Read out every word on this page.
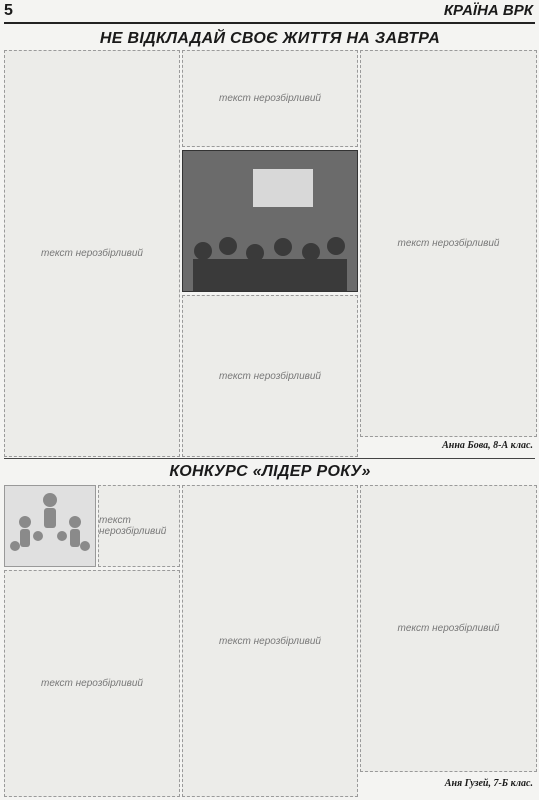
5	КРАЇНА ВРК
НЕ ВІДКЛАДАЙ СВОЄ ЖИТТЯ НА ЗАВТРА
текст нерозбірливий
текст нерозбірливий
текст нерозбірливий
текст нерозбірливий
Анна Бова, 8-А клас.
КОНКУРС «ЛІДЕР РОКУ»
текст нерозбірливий
текст нерозбірливий
текст нерозбірливий
текст нерозбірливий
Аня Гузей, 7-Б клас.
